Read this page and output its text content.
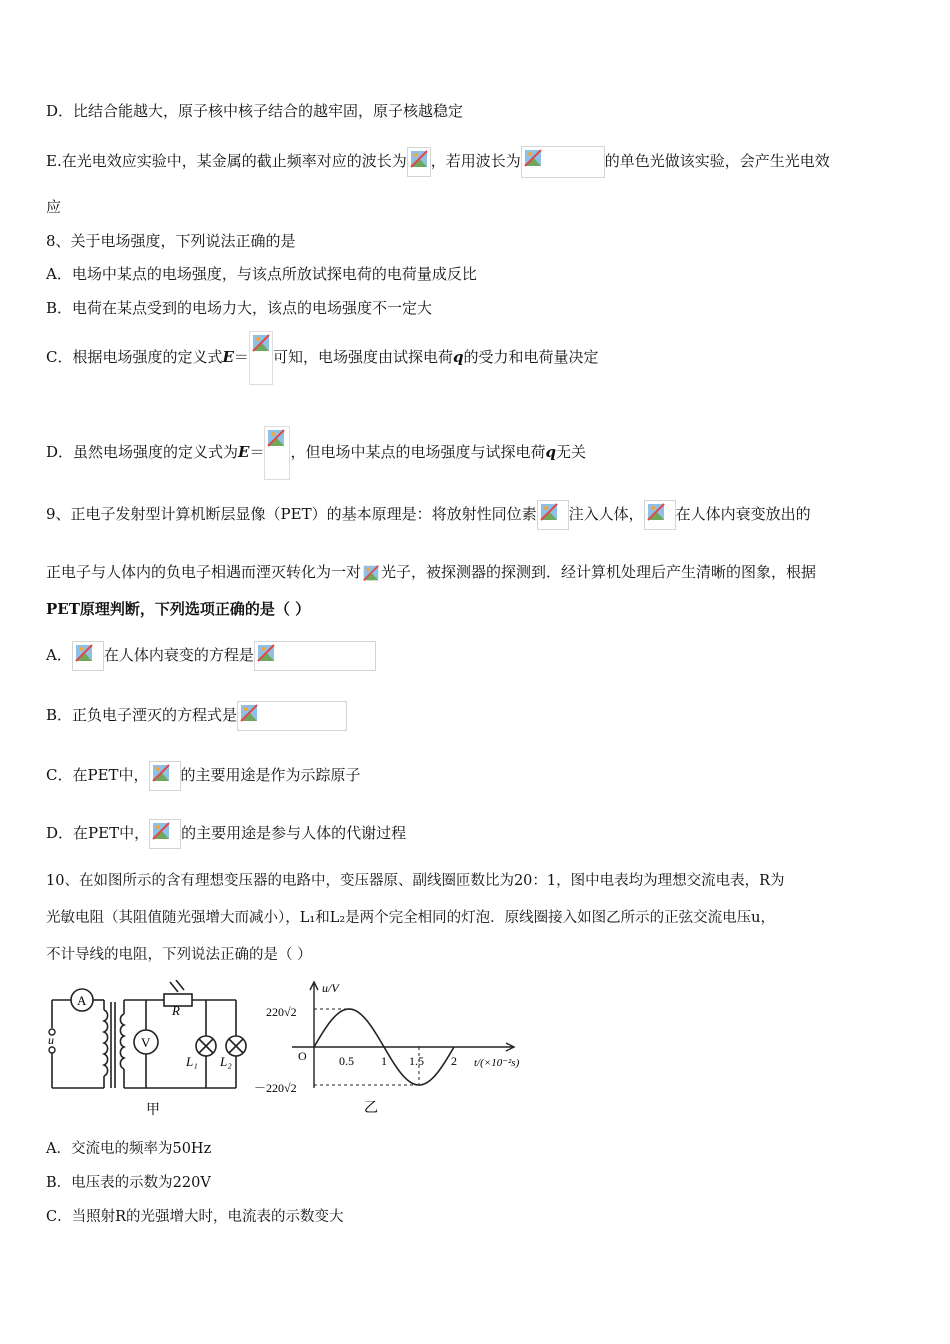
D．比结合能越大，原子核中核子结合的越牢固，原子核越稳定
E.在光电效应实验中，某金属的截止频率对应的波长为 ，若用波长为	的单色光做该实验，会产生光电效
应
8、关于电场强度，下列说法正确的是
A．电场中某点的电场强度，与该点所放试探电荷的电荷量成反比
B．电荷在某点受到的电场力大，该点的电场强度不一定大
C．根据电场强度的定义式E＝ 可知，电场强度由试探电荷q的受力和电荷量决定
D．虽然电场强度的定义式为E＝ ，但电场中某点的电场强度与试探电荷q无关
9、正电子发射型计算机断层显像（PET）的基本原理是：将放射性同位素 注入人体， 在人体内衰变放出的
正电子与人体内的负电子相遇而湮灭转化为一对 光子，被探测器的探测到．经计算机处理后产生清晰的图象，根据
PET原理判断，下列选项正确的是（ ）
A． 在人体内衰变的方程是
B．正负电子湮灭的方程式是
C．在PET中， 的主要用途是作为示踪原子
D．在PET中， 的主要用途是参与人体的代谢过程
10、在如图所示的含有理想变压器的电路中，变压器原、副线圈匝数比为20：1，图中电表均为理想交流电表，R为
光敏电阻（其阻值随光强增大而减小），L₁和L₂是两个完全相同的灯泡．原线圈接入如图乙所示的正弦交流电压u，
不计导线的电阻，下列说法正确的是（ ）
A
V
R
L₁ L₂
u
甲
0.5 1 1.5 2
u/V
t/(×10⁻²s)
O
220√2
－220√2
乙
A．交流电的频率为50Hz
B．电压表的示数为220V
C．当照射R的光强增大时，电流表的示数变大
